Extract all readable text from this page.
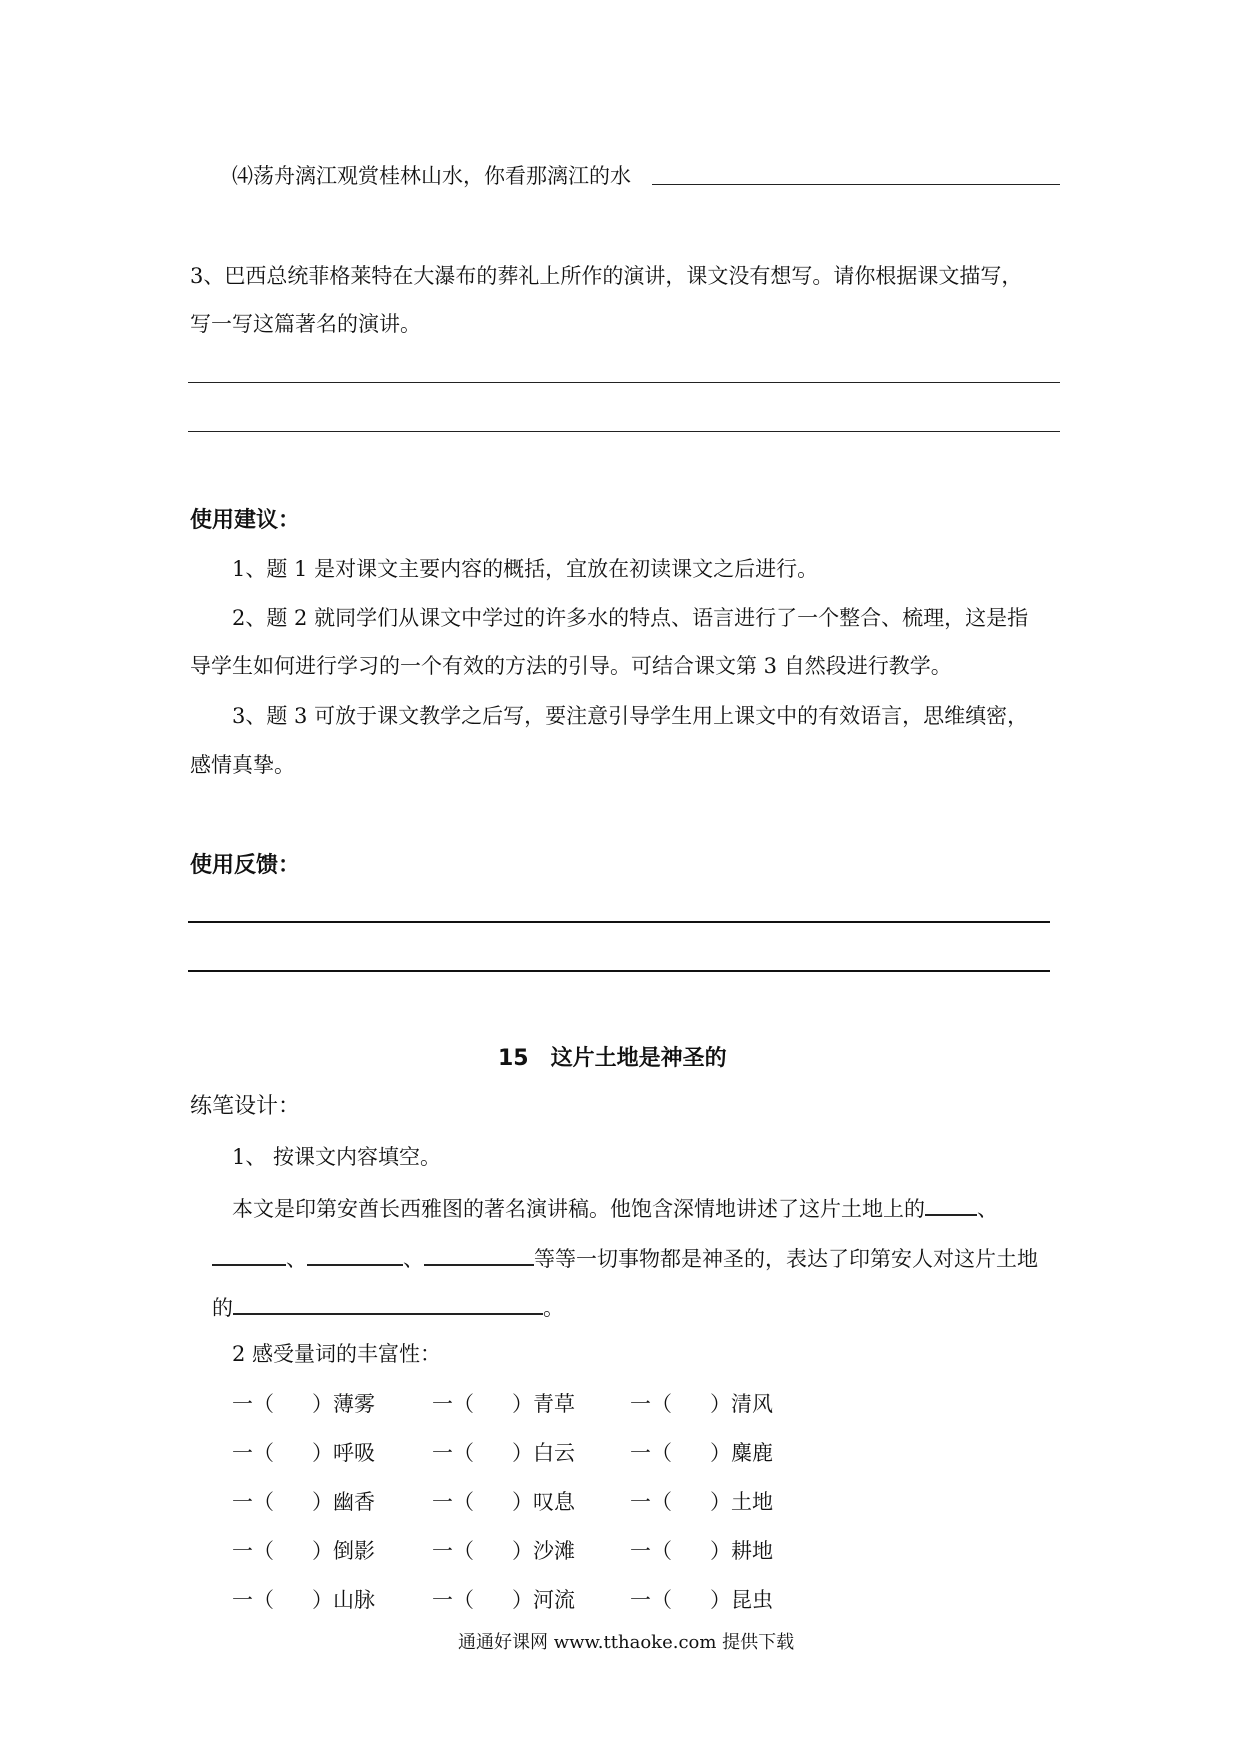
⑷荡舟漓江观赏桂林山水，你看那漓江的水
3、巴西总统菲格莱特在大瀑布的葬礼上所作的演讲，课文没有想写。请你根据课文描写，
写一写这篇著名的演讲。
使用建议：
1、题 1 是对课文主要内容的概括，宜放在初读课文之后进行。
2、题 2 就同学们从课文中学过的许多水的特点、语言进行了一个整合、梳理，这是指
导学生如何进行学习的一个有效的方法的引导。可结合课文第 3 自然段进行教学。
3、题 3 可放于课文教学之后写，要注意引导学生用上课文中的有效语言，思维缜密，
感情真挚。
使用反馈：
15　这片土地是神圣的
练笔设计：
1、 按课文内容填空。
本文是印第安酋长西雅图的著名演讲稿。他饱含深情地讲述了这片土地上的 、
、	、	等等一切事物都是神圣的，表达了印第安人对这片土地
的	。
2 感受量词的丰富性：
一（ ）薄雾	一（ ）青草	一（ ）清风
一（ ）呼吸	一（ ）白云	一（ ）麋鹿
一（ ）幽香	一（ ）叹息	一（ ）土地
一（ ）倒影	一（ ）沙滩	一（ ）耕地
一（ ）山脉	一（ ）河流	一（ ）昆虫
通通好课网 www.tthaoke.com 提供下载
